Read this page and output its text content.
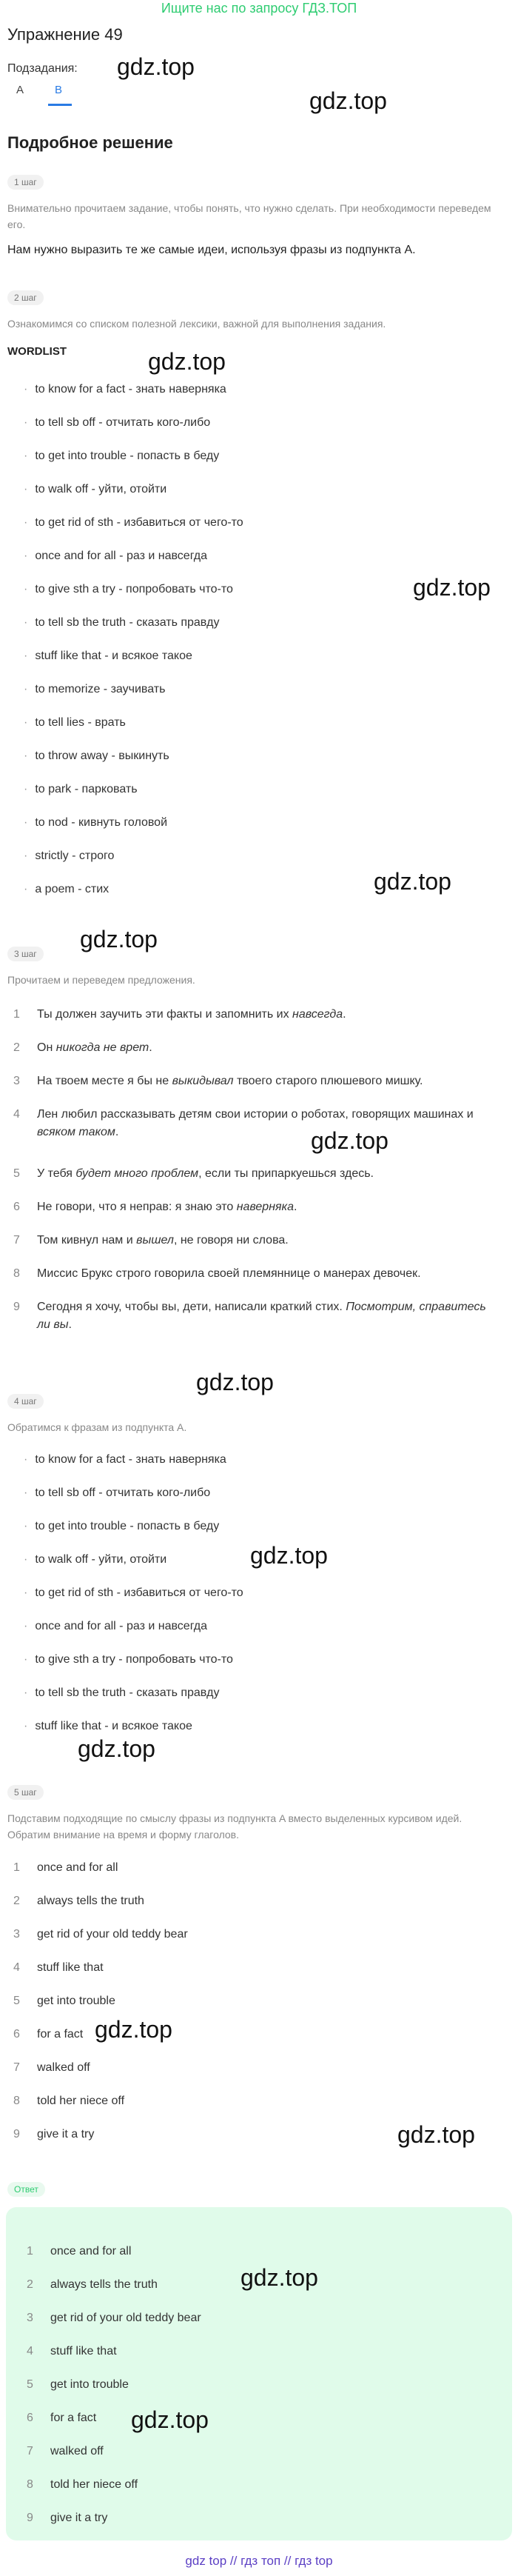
Ищите нас по запросу ГДЗ.ТОП
Упражнение 49
Подзадания:
A	B
Подробное решение
1 шаг
Внимательно прочитаем задание, чтобы понять, что нужно сделать. При необходимости переведем его.
Нам нужно выразить те же самые идеи, используя фразы из подпункта A.
2 шаг
Ознакомимся со списком полезной лексики, важной для выполнения задания.
WORDLIST
· to know for a fact - знать наверняка
· to tell sb off - отчитать кого-либо
· to get into trouble - попасть в беду
· to walk off - уйти, отойти
· to get rid of sth - избавиться от чего-то
· once and for all - раз и навсегда
· to give sth a try - попробовать что-то
· to tell sb the truth - сказать правду
· stuff like that - и всякое такое
· to memorize - заучивать
· to tell lies - врать
· to throw away - выкинуть
· to park - парковать
· to nod - кивнуть головой
· strictly - строго
· a poem - стих
3 шаг
Прочитаем и переведем предложения.
1	Ты должен заучить эти факты и запомнить их навсегда.
2	Он никогда не врет.
3	На твоем месте я бы не выкидывал твоего старого плюшевого мишку.
4	Лен любил рассказывать детям свои истории о роботах, говорящих машинах и всяком таком.
5	У тебя будет много проблем, если ты припаркуешься здесь.
6	Не говори, что я неправ: я знаю это наверняка.
7	Том кивнул нам и вышел, не говоря ни слова.
8	Миссис Брукс строго говорила своей племяннице о манерах девочек.
9	Сегодня я хочу, чтобы вы, дети, написали краткий стих. Посмотрим, справитесь ли вы.
4 шаг
Обратимся к фразам из подпункта A.
· to know for a fact - знать наверняка
· to tell sb off - отчитать кого-либо
· to get into trouble - попасть в беду
· to walk off - уйти, отойти
· to get rid of sth - избавиться от чего-то
· once and for all - раз и навсегда
· to give sth a try - попробовать что-то
· to tell sb the truth - сказать правду
· stuff like that - и всякое такое
5 шаг
Подставим подходящие по смыслу фразы из подпункта A вместо выделенных курсивом идей. Обратим внимание на время и форму глаголов.
1	once and for all
2	always tells the truth
3	get rid of your old teddy bear
4	stuff like that
5	get into trouble
6	for a fact
7	walked off
8	told her niece off
9	give it a try
Ответ
1	once and for all
2	always tells the truth
3	get rid of your old teddy bear
4	stuff like that
5	get into trouble
6	for a fact
7	walked off
8	told her niece off
9	give it a try
gdz.top
gdz.top
gdz.top
gdz.top
gdz.top
gdz.top
gdz.top
gdz.top
gdz.top
gdz.top
gdz.top
gdz.top
gdz.top
gdz.top
gdz top // гдз топ // гдз top
